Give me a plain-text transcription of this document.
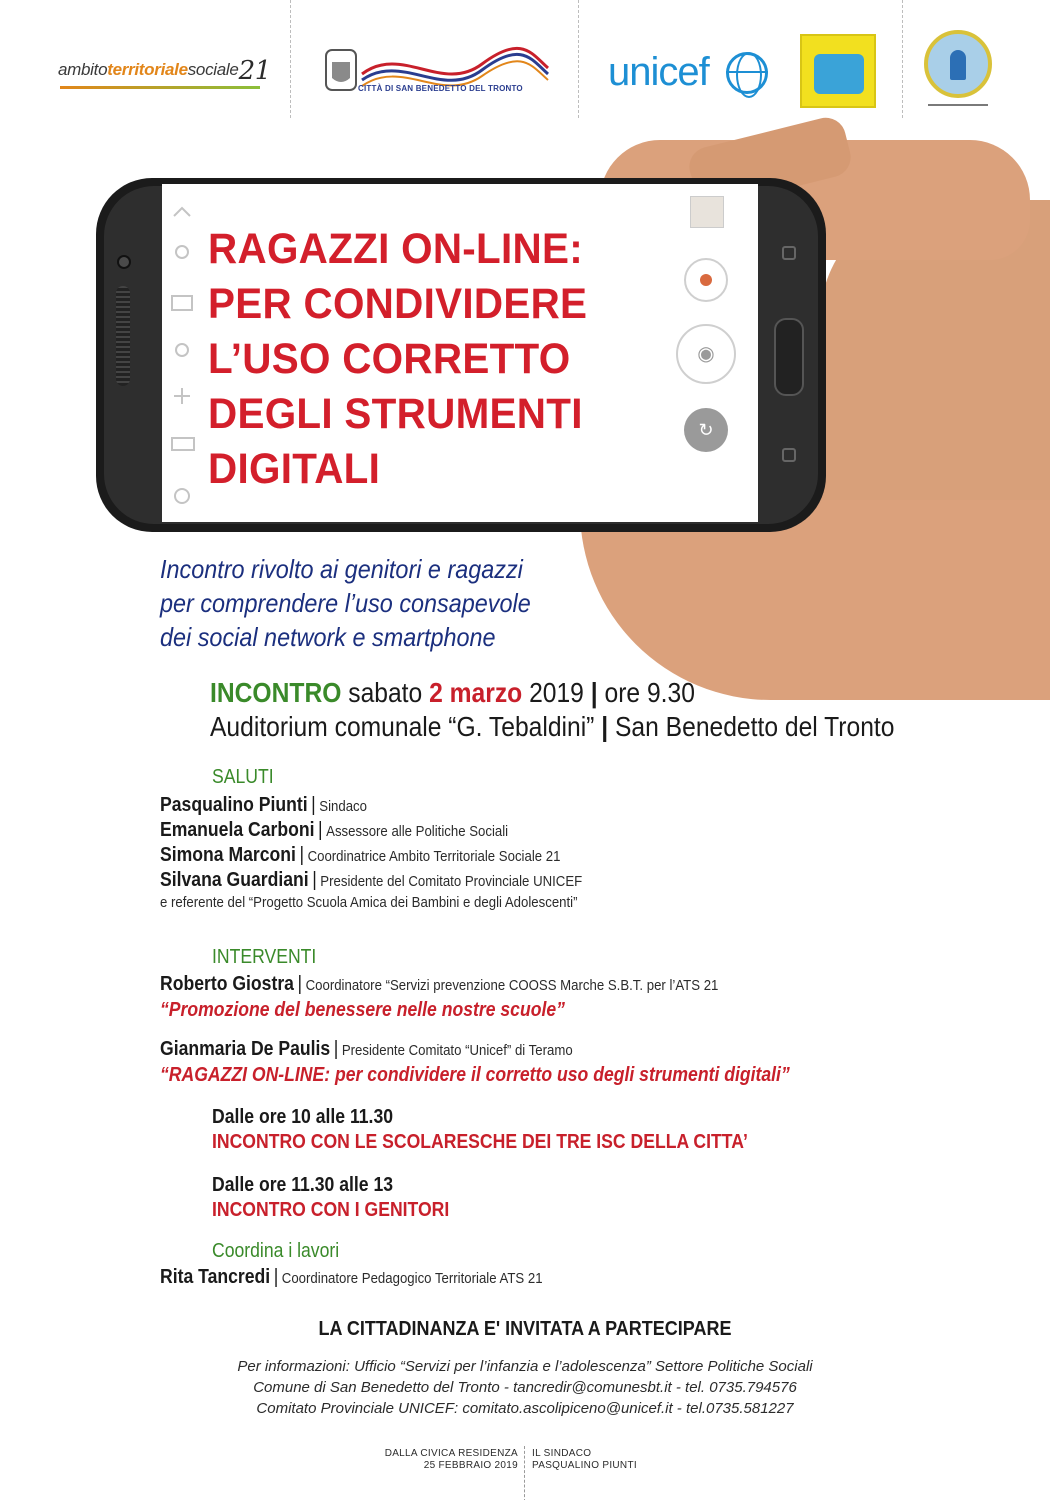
ambitoterritorialesociale21
CITTÀ DI SAN BENEDETTO DEL TRONTO unicef
◉
↻
RAGAZZI ON-LINE:
PER CONDIVIDERE
L’USO CORRETTO
DEGLI STRUMENTI
DIGITALI
Incontro rivolto ai genitori e ragazzi
per comprendere l’uso consapevole
dei social network e smartphone
INCONTRO sabato 2 marzo 2019 | ore 9.30
Auditorium comunale “G. Tebaldini” | San Benedetto del Tronto
SALUTI
Pasqualino Piunti | Sindaco
Emanuela Carboni | Assessore alle Politiche Sociali
Simona Marconi | Coordinatrice Ambito Territoriale Sociale 21
Silvana Guardiani | Presidente del Comitato Provinciale UNICEF
e referente del “Progetto Scuola Amica dei Bambini e degli Adolescenti”
INTERVENTI
Roberto Giostra | Coordinatore “Servizi prevenzione COOSS Marche S.B.T. per l’ATS 21
“Promozione del benessere nelle nostre scuole”
Gianmaria De Paulis | Presidente Comitato “Unicef” di Teramo
“RAGAZZI ON-LINE: per condividere il corretto uso degli strumenti digitali”
Dalle ore 10 alle 11.30
INCONTRO CON LE SCOLARESCHE DEI TRE ISC DELLA CITTA’
Dalle ore 11.30 alle 13
INCONTRO CON I GENITORI
Coordina i lavori
Rita Tancredi | Coordinatore Pedagogico Territoriale ATS 21
LA CITTADINANZA E' INVITATA A PARTECIPARE
Per informazioni: Ufficio “Servizi per l’infanzia e l’adolescenza” Settore Politiche Sociali
Comune di San Benedetto del Tronto - tancredir@comunesbt.it - tel. 0735.794576
Comitato Provinciale UNICEF: comitato.ascolipiceno@unicef.it - tel.0735.581227
DALLA CIVICA RESIDENZA
25 FEBBRAIO 2019
IL SINDACO
PASQUALINO PIUNTI
